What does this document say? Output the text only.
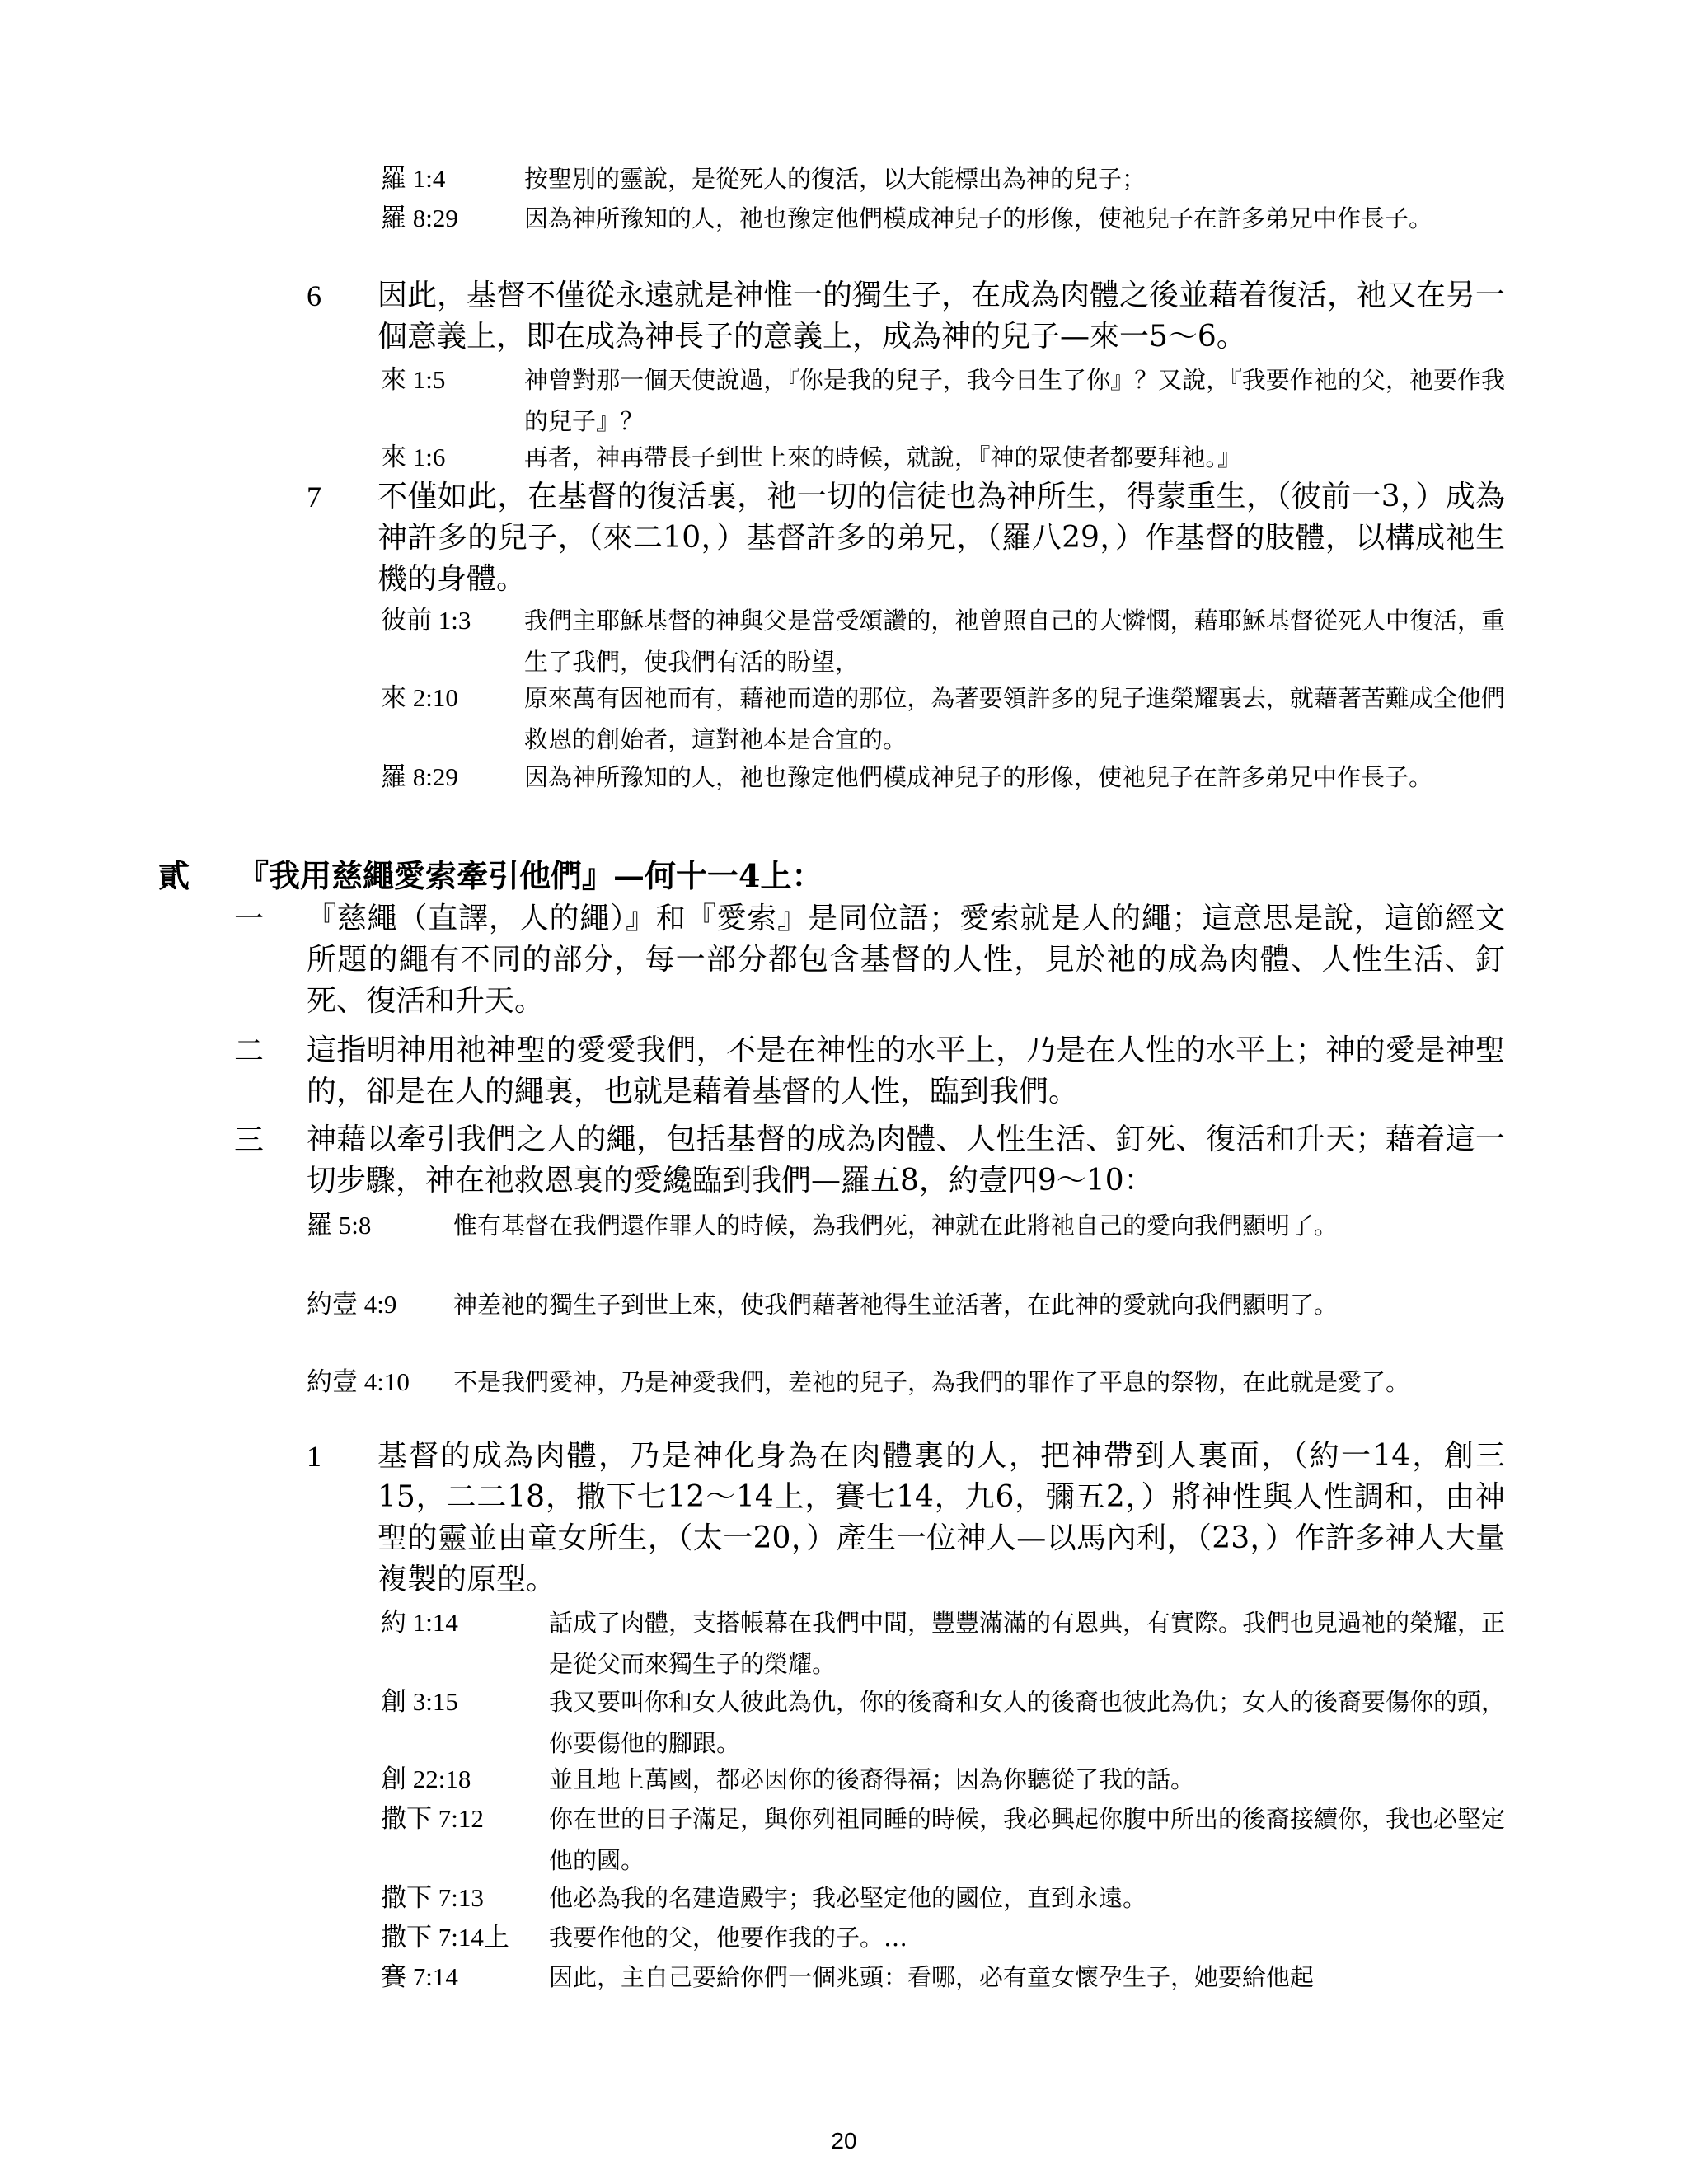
羅 1:4	按聖別的靈說，是從死人的復活，以大能標出為神的兒子；
羅 8:29	因為神所豫知的人，祂也豫定他們模成神兒子的形像，使祂兒子在許多弟兄中作長子。
6 因此，基督不僅從永遠就是神惟一的獨生子，在成為肉體之後並藉着復活，祂又在另一個意義上，即在成為神長子的意義上，成為神的兒子—來一5～6。
來 1:5	神曾對那一個天使說過，『你是我的兒子，我今日生了你』？又說，『我要作祂的父，祂要作我的兒子』？
來 1:6	再者，神再帶長子到世上來的時候，就說，『神的眾使者都要拜祂。』
7 不僅如此，在基督的復活裏，祂一切的信徒也為神所生，得蒙重生，（彼前一3，）成為神許多的兒子，（來二10，）基督許多的弟兄，（羅八29，）作基督的肢體，以構成祂生機的身體。
彼前 1:3 我們主耶穌基督的神與父是當受頌讚的，祂曾照自己的大憐憫，藉耶穌基督從死人中復活，重生了我們，使我們有活的盼望，
來 2:10	原來萬有因祂而有，藉祂而造的那位，為著要領許多的兒子進榮耀裏去，就藉著苦難成全他們救恩的創始者，這對祂本是合宜的。
羅 8:29	因為神所豫知的人，祂也豫定他們模成神兒子的形像，使祂兒子在許多弟兄中作長子。
貳 『我用慈繩愛索牽引他們』—何十一4上：
一 『慈繩（直譯，人的繩）』和『愛索』是同位語；愛索就是人的繩；這意思是說，這節經文所題的繩有不同的部分，每一部分都包含基督的人性，見於祂的成為肉體、人性生活、釘死、復活和升天。
二 這指明神用祂神聖的愛愛我們，不是在神性的水平上，乃是在人性的水平上；神的愛是神聖的，卻是在人的繩裏，也就是藉着基督的人性，臨到我們。
三 神藉以牽引我們之人的繩，包括基督的成為肉體、人性生活、釘死、復活和升天；藉着這一切步驟，神在祂救恩裏的愛纔臨到我們—羅五8，約壹四9～10：
羅 5:8	惟有基督在我們還作罪人的時候，為我們死，神就在此將祂自己的愛向我們顯明了。
約壹 4:9 神差祂的獨生子到世上來，使我們藉著祂得生並活著，在此神的愛就向我們顯明了。
約壹 4:10 不是我們愛神，乃是神愛我們，差祂的兒子，為我們的罪作了平息的祭物，在此就是愛了。
1 基督的成為肉體，乃是神化身為在肉體裏的人，把神帶到人裏面，（約一14，創三15，二二18，撒下七12～14上，賽七14，九6，彌五2，）將神性與人性調和，由神聖的靈並由童女所生，（太一20，）產生一位神人—以馬內利，（23，）作許多神人大量複製的原型。
約 1:14	話成了肉體，支搭帳幕在我們中間，豐豐滿滿的有恩典，有實際。我們也見過祂的榮耀，正是從父而來獨生子的榮耀。
創 3:15	我又要叫你和女人彼此為仇，你的後裔和女人的後裔也彼此為仇；女人的後裔要傷你的頭，你要傷他的腳跟。
創 22:18	並且地上萬國，都必因你的後裔得福；因為你聽從了我的話。
撒下 7:12	你在世的日子滿足，與你列祖同睡的時候，我必興起你腹中所出的後裔接續你，我也必堅定他的國。
撒下 7:13	他必為我的名建造殿宇；我必堅定他的國位，直到永遠。
撒下 7:14上 我要作他的父，他要作我的子。…
賽 7:14	因此，主自己要給你們一個兆頭：看哪，必有童女懷孕生子，她要給他起
20
